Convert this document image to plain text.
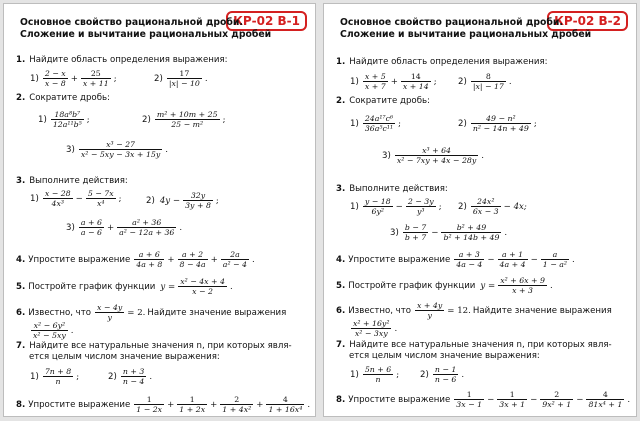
КР-02 В-1
Основное свойство рациональной дроби.
Сложение и вычитание рациональных дробей
1. Найдите область определения выражения:
$1) \frac{2 - x}{x - 8} + \frac{25}{x + 11}$ ;	$2) \frac{17}{|x| - 10}$ .
2. Сократите дробь:
$1) \frac{\text{18a⁸b⁷}}{\text{12a¹¹b⁵}}$ ;	$2) \frac{\text{m² + 10m + 25}}{\text{25 − m²}}$ ;
$3) \frac{\text{x³ − 27}}{\text{x² − 5xy − 3x + 15y}}$ .
3. Выполните действия:
$1) \frac{x - 28}{\text{4x³}} - \frac{5 - 7x}{\text{x⁴}}$ ;	2) $4y - \frac{32y}{3y + 8}$ ;
$3) \frac{a + 6}{a - 6} + \frac{\text{a² + 36}}{\text{a² − 12a + 36}}$ .
4. Упростите выражение $\frac{a + 6}{4a + 8} + \frac{a + 2}{8 - 4a} + \frac{2a}{\text{a² − 4}}$ .
5. Постройте график функции $y = \frac{\text{x² − 4x + 4}}{x - 2}$ .
6. Известно, что $\frac{x - 4y}{y} = 2$. Найдите значение выражения
$\frac{\text{x² − 6y²}}{\text{x² − 5xy}}$ .
7. Найдите все натуральные значения n, при которых явля-
ется целым числом значение выражения:
$1) \frac{7n + 8}{n}$ ;	$2) \frac{n + 3}{n - 4}$ .
8. Упростите выражение $\frac{1}{1 - 2x} + \frac{1}{1 + 2x} + \frac{2}{\text{1 + 4x²}} + \frac{4}{\text{1 + 16x⁴}}$ .
КР-02 В-2
Основное свойство рациональной дроби.
Сложение и вычитание рациональных дробей
1. Найдите область определения выражения:
$1) \frac{x + 5}{x + 7} + \frac{14}{x + 14}$ ; $2) \frac{8}{|x| - 17}$ .
2. Сократите дробь:
$1) \frac{\text{24a¹⁷c⁶}}{\text{36a⁵c¹¹}}$ ;	$2) \frac{\text{49 − n²}}{\text{n² − 14n + 49}}$ ;
$3) \frac{\text{x³ + 64}}{\text{x² − 7xy + 4x − 28y}}$ .
3. Выполните действия:
$1) \frac{y - 18}{\text{6y²}} - \frac{2 - 3y}{\text{y³}}$ ; $2) \frac{\text{24x²}}{6x - 3} - 4x$;
$3) \frac{b - 7}{b + 7} - \frac{\text{b² + 49}}{\text{b² + 14b + 49}}$ .
4. Упростите выражение $\frac{a + 3}{4a - 4} - \frac{a + 1}{4a + 4} - \frac{a}{\text{1 − a²}}$ .
5. Постройте график функции $y = \frac{\text{x² + 6x + 9}}{x + 3}$ .
6. Известно, что $\frac{x + 4y}{y} = 12$. Найдите значение выражения
$\frac{\text{x² + 16y²}}{\text{x² − 3xy}}$ .
7. Найдите все натуральные значения n, при которых явля-
ется целым числом значение выражения:
$1) \frac{5n + 6}{n}$ ; $2) \frac{n - 1}{n - 6}$ .
8. Упростите выражение $\frac{1}{3x - 1} - \frac{1}{3x + 1} - \frac{2}{\text{9x² + 1}} - \frac{4}{\text{81x⁴ + 1}}$ .
